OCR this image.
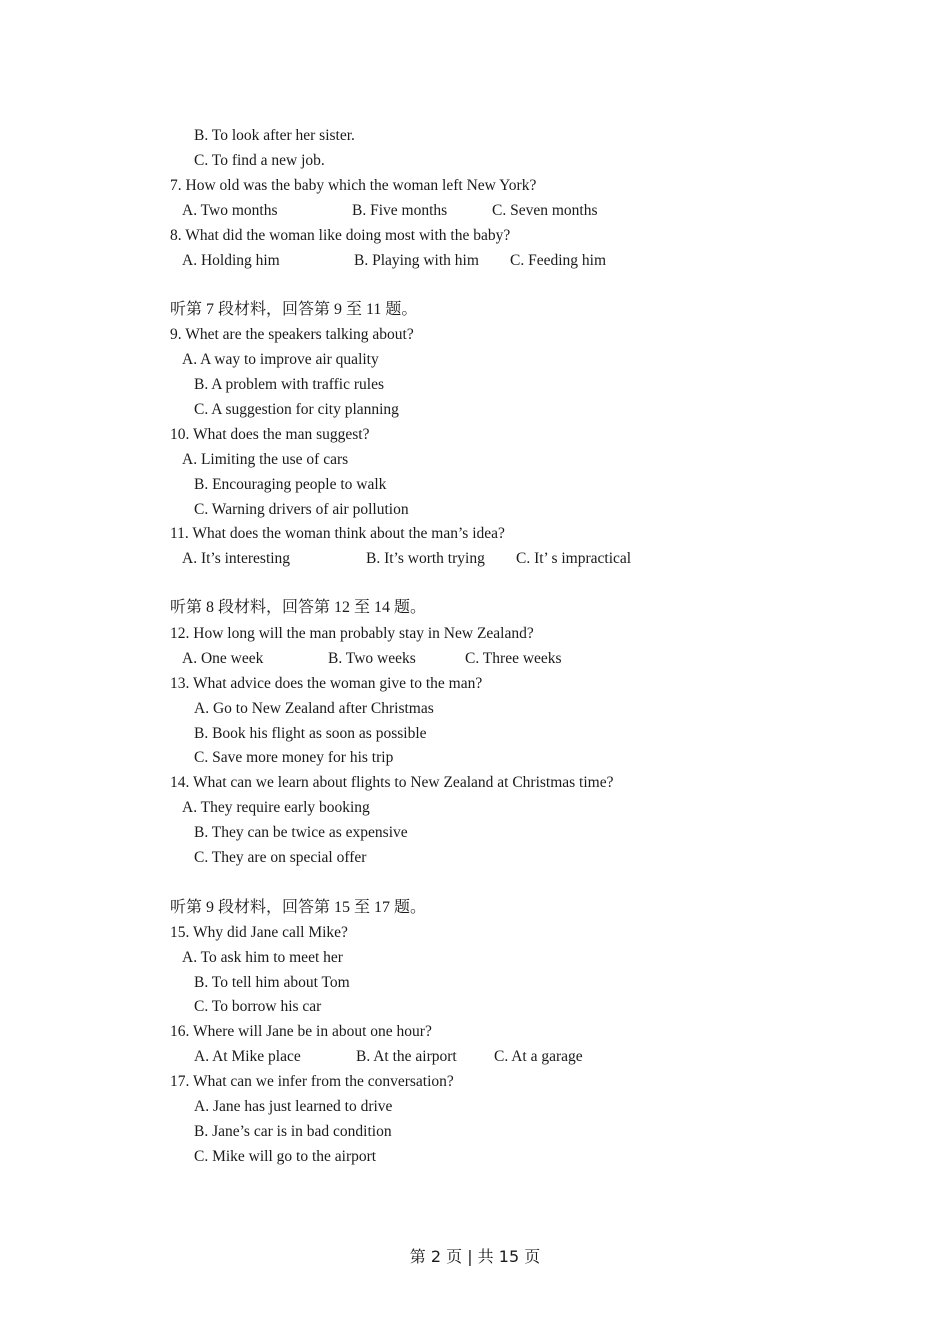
B. To look after her sister.

C. To find a new job.

7. How old was the baby which the woman left New York?

A. Two months	B. Five months	C. Seven months

8. What did the woman like doing most with the baby?

A. Holding him	B. Playing with him C. Feeding him

听第 7 段材料，回答第 9 至 11 题。

9. Whet are the speakers talking about?

A. A way to improve air quality

B. A problem with traffic rules

C. A suggestion for city planning

10. What does the man suggest?

A. Limiting the use of cars

B. Encouraging people to walk

C. Warning drivers of air pollution

11. What does the woman think about the man’s idea?

A. It’s interesting	B. It’s worth trying C. It’ s impractical

听第 8 段材料，回答第 12 至 14 题。

12. How long will the man probably stay in New Zealand?

A. One week	B. Two weeks	C. Three weeks

13. What advice does the woman give to the man?

A. Go to New Zealand after Christmas

B. Book his flight as soon as possible

C. Save more money for his trip

14. What can we learn about flights to New Zealand at Christmas time?

A. They require early booking

B. They can be twice as expensive

C. They are on special offer

听第 9 段材料，回答第 15 至 17 题。

15. Why did Jane call Mike?

A. To ask him to meet her

B. To tell him about Tom

C. To borrow his car

16. Where will Jane be in about one hour?

A. At Mike place	B. At the airport C. At a garage

17. What can we infer from the conversation?

A. Jane has just learned to drive

B. Jane’s car is in bad condition

C. Mike will go to the airport

第 2 页 | 共 15 页
